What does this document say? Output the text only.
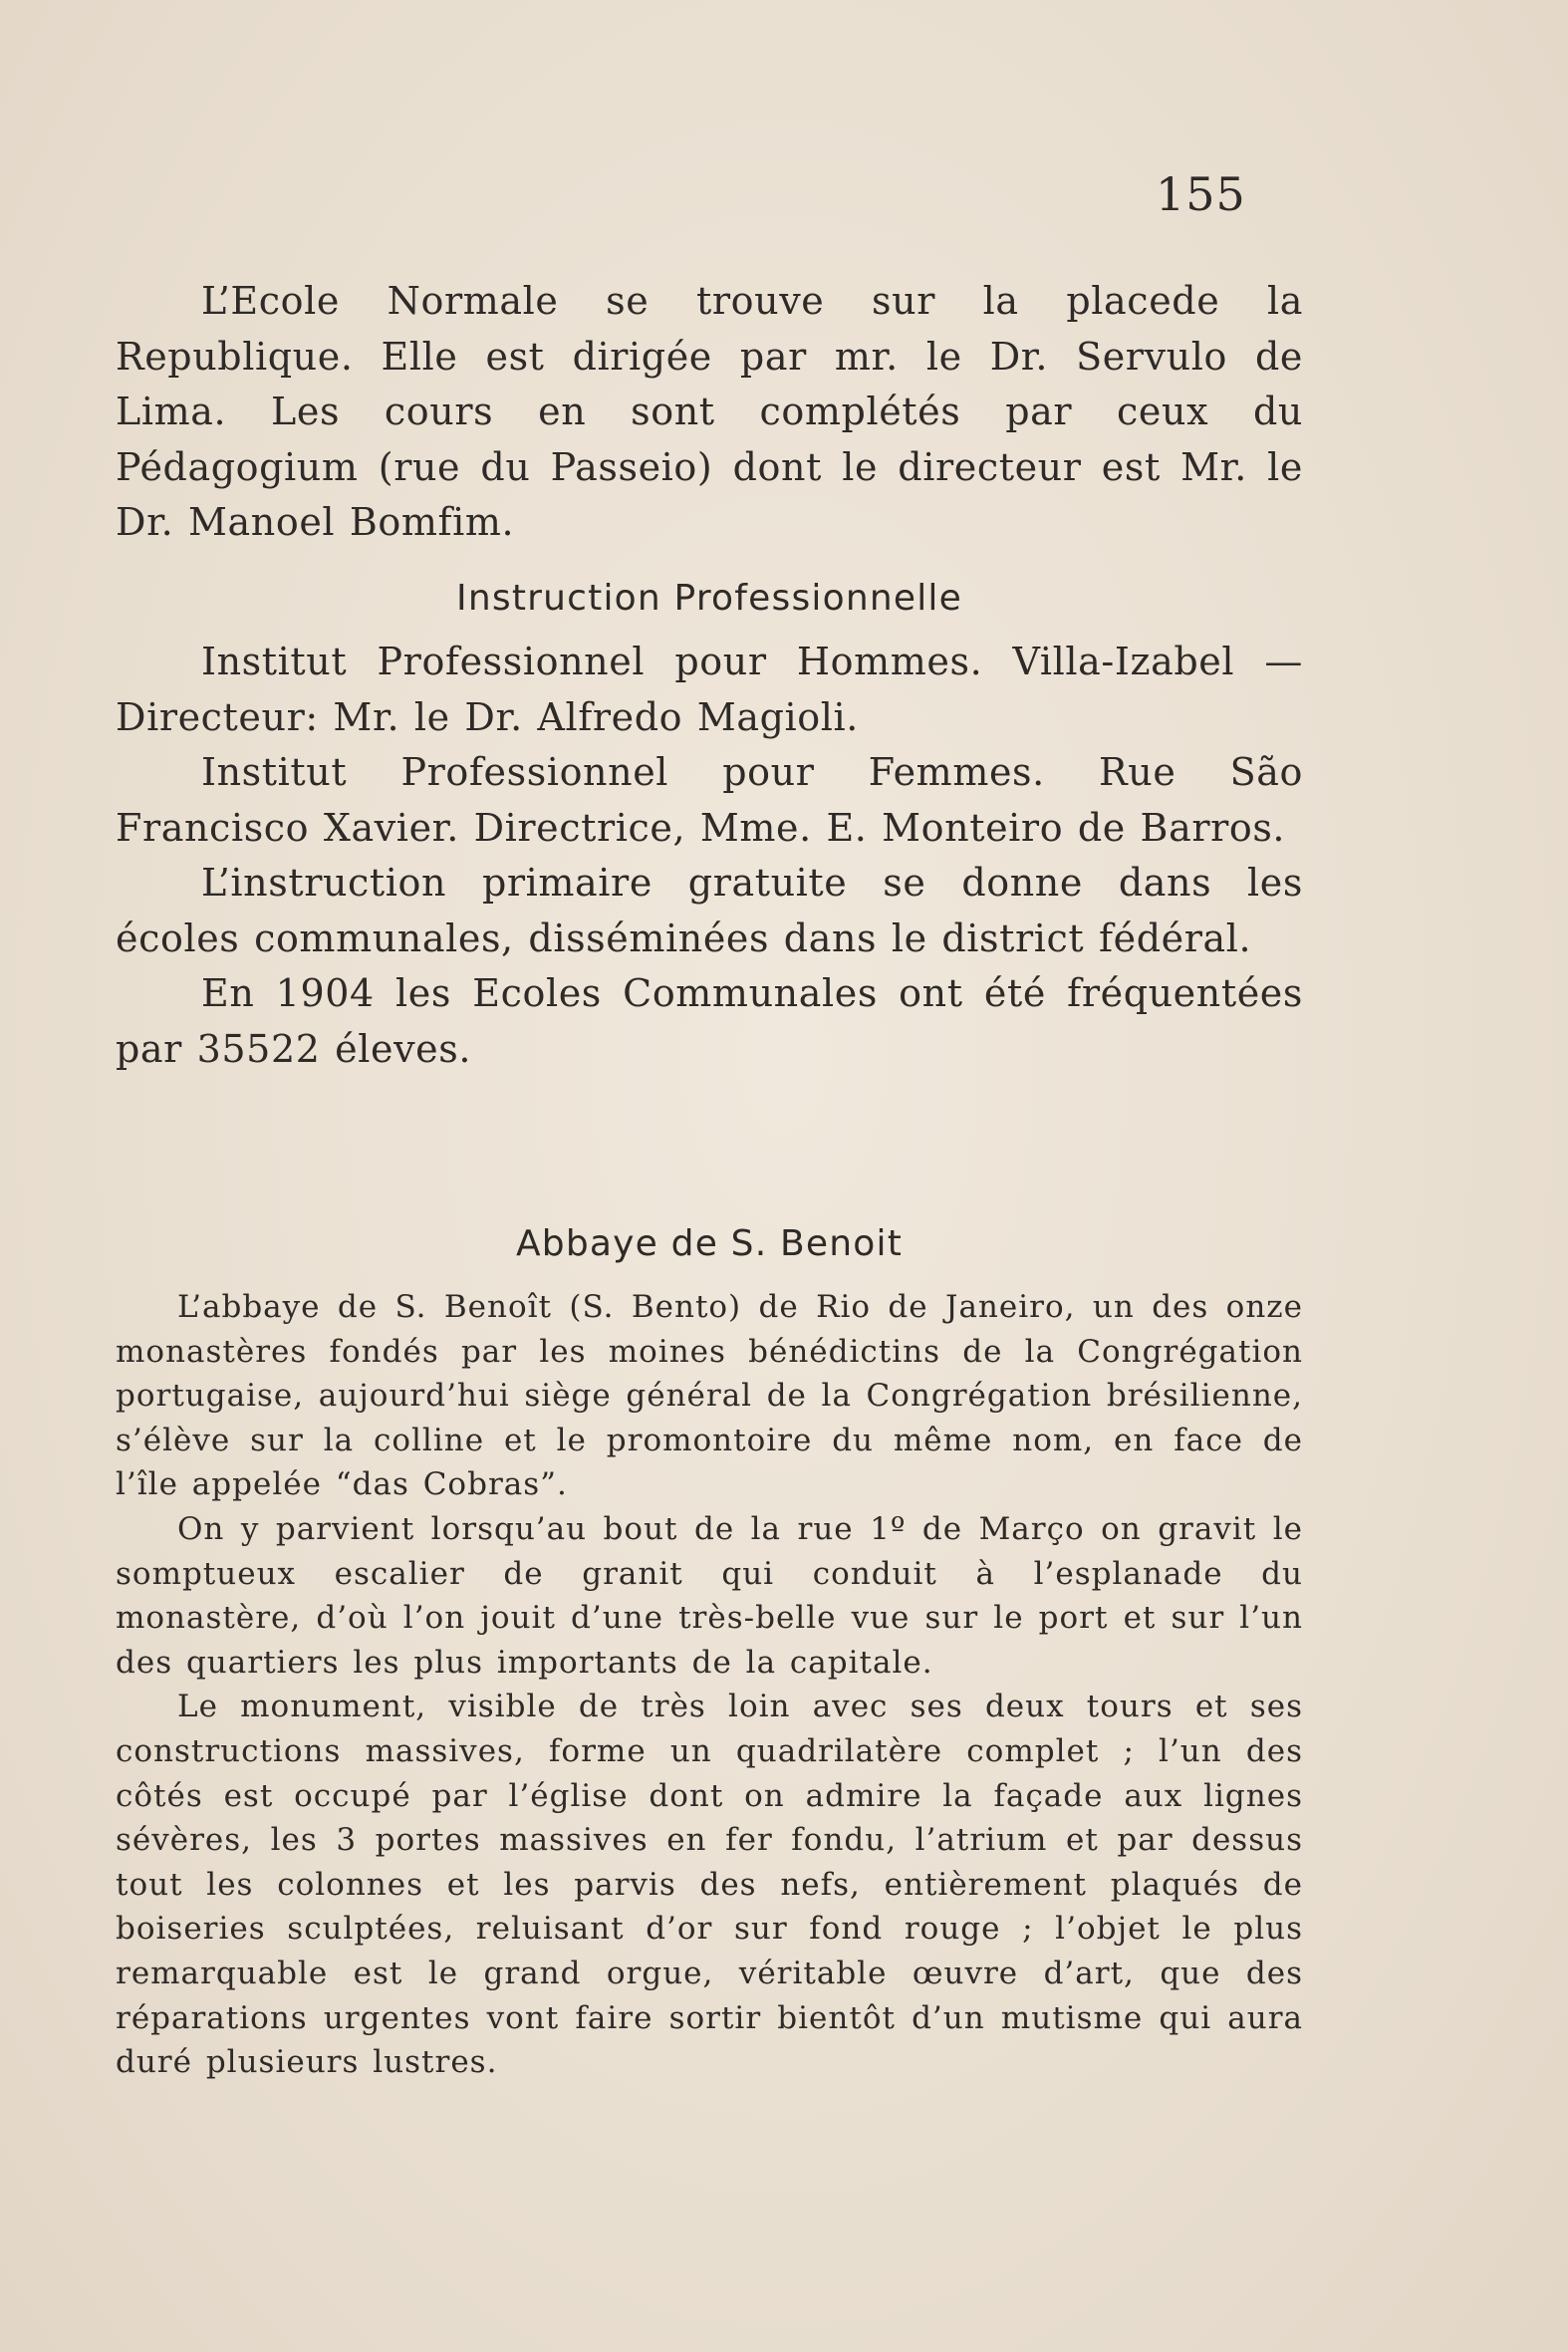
155

L’Ecole Normale se trouve sur la placede la Republique. Elle est dirigée par mr. le Dr. Servulo de Lima. Les cours en sont complétés par ceux du Pédagogium (rue du Passeio) dont le directeur est Mr. le Dr. Manoel Bomfim.

Instruction Professionnelle

Institut Professionnel pour Hommes. Villa-Izabel —Directeur: Mr. le Dr. Alfredo Magioli.

Institut Professionnel pour Femmes. Rue São Francisco Xavier. Directrice, Mme. E. Monteiro de Barros.

L’instruction primaire gratuite se donne dans les écoles communales, disséminées dans le district fédéral.

En 1904 les Ecoles Communales ont été fréquentées par 35522 éleves.

Abbaye de S. Benoit

L’abbaye de S. Benoît (S. Bento) de Rio de Janeiro, un des onze monastères fondés par les moines bénédictins de la Congrégation portugaise, aujourd’hui siège général de la Congrégation brésilienne, s’élève sur la colline et le promontoire du même nom, en face de l’île appelée “das Cobras”.

On y parvient lorsqu’au bout de la rue 1º de Março on gravit le somptueux escalier de granit qui conduit à l’esplanade du monastère, d’où l’on jouit d’une très-belle vue sur le port et sur l’un des quartiers les plus importants de la capitale.

Le monument, visible de très loin avec ses deux tours et ses constructions massives, forme un quadrilatère complet ; l’un des côtés est occupé par l’église dont on admire la façade aux lignes sévères, les 3 portes massives en fer fondu, l’atrium et par dessus tout les colonnes et les parvis des nefs, entièrement plaqués de boiseries sculptées, reluisant d’or sur fond rouge ; l’objet le plus remarquable est le grand orgue, véritable œuvre d’art, que des réparations urgentes vont faire sortir bientôt d’un mutisme qui aura duré plusieurs lustres.
